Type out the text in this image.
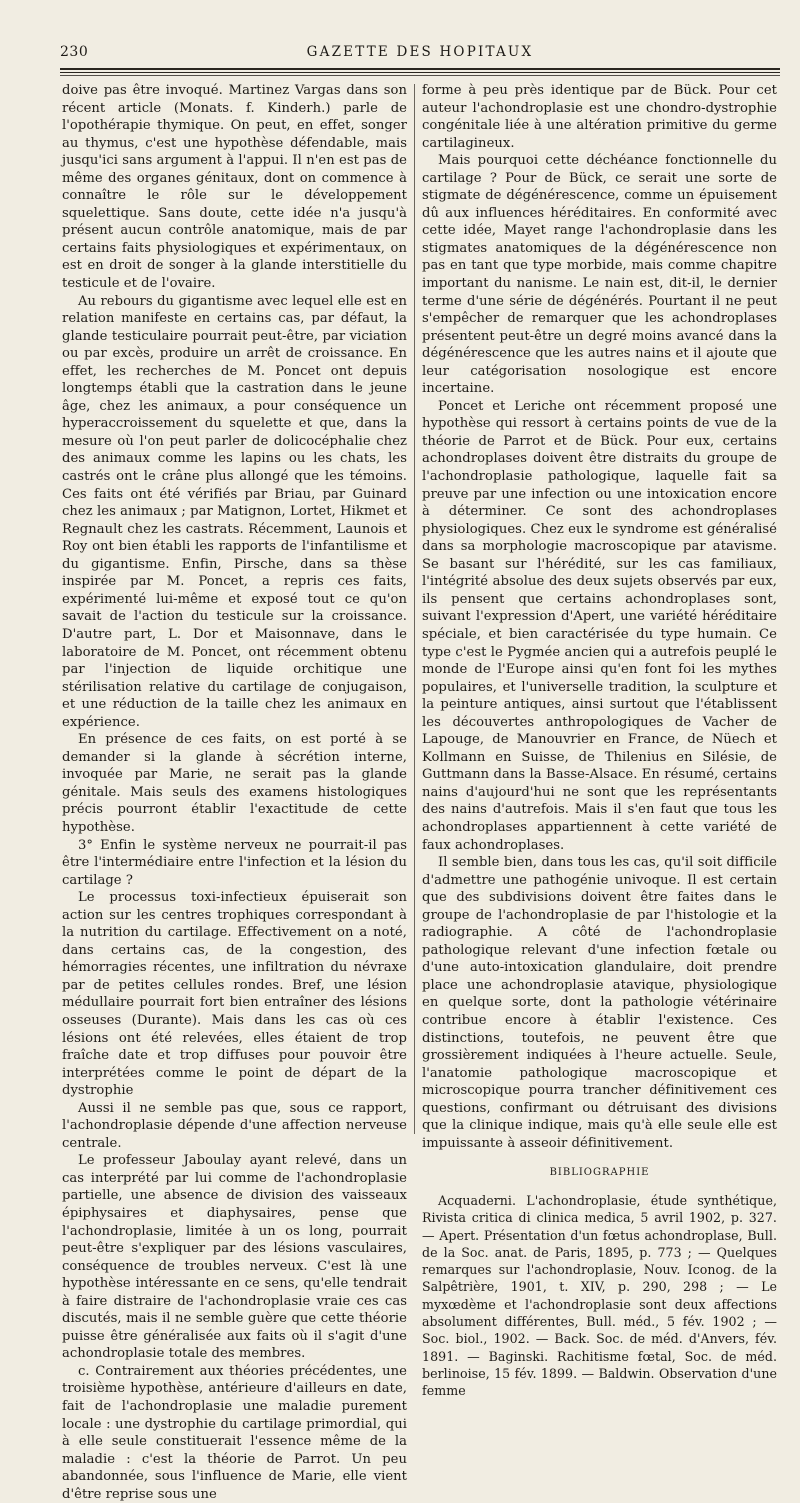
230	GAZETTE DES HOPITAUX

doive pas être invoqué. Martinez Vargas dans son récent article (Monats. f. Kinderh.) parle de l'opothérapie thymique. On peut, en effet, songer au thymus, c'est une hypothèse défendable, mais jusqu'ici sans argument à l'appui. Il n'en est pas de même des organes génitaux, dont on commence à connaître le rôle sur le développement squelettique. Sans doute, cette idée n'a jusqu'à présent aucun contrôle anatomique, mais de par certains faits physiologiques et expérimentaux, on est en droit de songer à la glande interstitielle du testicule et de l'ovaire.

Au rebours du gigantisme avec lequel elle est en relation manifeste en certains cas, par défaut, la glande testiculaire pourrait peut-être, par viciation ou par excès, produire un arrêt de croissance. En effet, les recherches de M. Poncet ont depuis longtemps établi que la castration dans le jeune âge, chez les animaux, a pour conséquence un hyperaccroissement du squelette et que, dans la mesure où l'on peut parler de dolicocéphalie chez des animaux comme les lapins ou les chats, les castrés ont le crâne plus allongé que les témoins. Ces faits ont été vérifiés par Briau, par Guinard chez les animaux ; par Matignon, Lortet, Hikmet et Regnault chez les castrats. Récemment, Launois et Roy ont bien établi les rapports de l'infantilisme et du gigantisme. Enfin, Pirsche, dans sa thèse inspirée par M. Poncet, a repris ces faits, expérimenté lui-même et exposé tout ce qu'on savait de l'action du testicule sur la croissance. D'autre part, L. Dor et Maisonnave, dans le laboratoire de M. Poncet, ont récemment obtenu par l'injection de liquide orchitique une stérilisation relative du cartilage de conjugaison, et une réduction de la taille chez les animaux en expérience.

En présence de ces faits, on est porté à se demander si la glande à sécrétion interne, invoquée par Marie, ne serait pas la glande génitale. Mais seuls des examens histologiques précis pourront établir l'exactitude de cette hypothèse.

3° Enfin le système nerveux ne pourrait-il pas être l'intermédiaire entre l'infection et la lésion du cartilage ?

Le processus toxi-infectieux épuiserait son action sur les centres trophiques correspondant à la nutrition du cartilage. Effectivement on a noté, dans certains cas, de la congestion, des hémorragies récentes, une infiltration du névraxe par de petites cellules rondes. Bref, une lésion médullaire pourrait fort bien entraîner des lésions osseuses (Durante). Mais dans les cas où ces lésions ont été relevées, elles étaient de trop fraîche date et trop diffuses pour pouvoir être interprétées comme le point de départ de la dystrophie

Aussi il ne semble pas que, sous ce rapport, l'achondroplasie dépende d'une affection nerveuse centrale.

Le professeur Jaboulay ayant relevé, dans un cas interprété par lui comme de l'achondroplasie partielle, une absence de division des vaisseaux épiphysaires et diaphysaires, pense que l'achondroplasie, limitée à un os long, pourrait peut-être s'expliquer par des lésions vasculaires, conséquence de troubles nerveux. C'est là une hypothèse intéressante en ce sens, qu'elle tendrait à faire distraire de l'achondroplasie vraie ces cas discutés, mais il ne semble guère que cette théorie puisse être généralisée aux faits où il s'agit d'une achondroplasie totale des membres.

c. Contrairement aux théories précédentes, une troisième hypothèse, antérieure d'ailleurs en date, fait de l'achondroplasie une maladie purement locale : une dystrophie du cartilage primordial, qui à elle seule constituerait l'essence même de la maladie : c'est la théorie de Parrot. Un peu abandonnée, sous l'influence de Marie, elle vient d'être reprise sous une

forme à peu près identique par de Bück. Pour cet auteur l'achondroplasie est une chondro-dystrophie congénitale liée à une altération primitive du germe cartilagineux.

Mais pourquoi cette déchéance fonctionnelle du cartilage ? Pour de Bück, ce serait une sorte de stigmate de dégénérescence, comme un épuisement dû aux influences héréditaires. En conformité avec cette idée, Mayet range l'achondroplasie dans les stigmates anatomiques de la dégénérescence non pas en tant que type morbide, mais comme chapitre important du nanisme. Le nain est, dit-il, le dernier terme d'une série de dégénérés. Pourtant il ne peut s'empêcher de remarquer que les achondroplases présentent peut-être un degré moins avancé dans la dégénérescence que les autres nains et il ajoute que leur catégorisation nosologique est encore incertaine.

Poncet et Leriche ont récemment proposé une hypothèse qui ressort à certains points de vue de la théorie de Parrot et de Bück. Pour eux, certains achondroplases doivent être distraits du groupe de l'achondroplasie pathologique, laquelle fait sa preuve par une infection ou une intoxication encore à déterminer. Ce sont des achondroplases physiologiques. Chez eux le syndrome est généralisé dans sa morphologie macroscopique par atavisme. Se basant sur l'hérédité, sur les cas familiaux, l'intégrité absolue des deux sujets observés par eux, ils pensent que certains achondroplases sont, suivant l'expression d'Apert, une variété héréditaire spéciale, et bien caractérisée du type humain. Ce type c'est le Pygmée ancien qui a autrefois peuplé le monde de l'Europe ainsi qu'en font foi les mythes populaires, et l'universelle tradition, la sculpture et la peinture antiques, ainsi surtout que l'établissent les découvertes anthropologiques de Vacher de Lapouge, de Manouvrier en France, de Nüech et Kollmann en Suisse, de Thilenius en Silésie, de Guttmann dans la Basse-Alsace. En résumé, certains nains d'aujourd'hui ne sont que les représentants des nains d'autrefois. Mais il s'en faut que tous les achondroplases appartiennent à cette variété de faux achondroplases.

Il semble bien, dans tous les cas, qu'il soit difficile d'admettre une pathogénie univoque. Il est certain que des subdivisions doivent être faites dans le groupe de l'achondroplasie de par l'histologie et la radiographie. A côté de l'achondroplasie pathologique relevant d'une infection fœtale ou d'une auto-intoxication glandulaire, doit prendre place une achondroplasie atavique, physiologique en quelque sorte, dont la pathologie vétérinaire contribue encore à établir l'existence. Ces distinctions, toutefois, ne peuvent être que grossièrement indiquées à l'heure actuelle. Seule, l'anatomie pathologique macroscopique et microscopique pourra trancher définitivement ces questions, confirmant ou détruisant des divisions que la clinique indique, mais qu'à elle seule elle est impuissante à asseoir définitivement.

BIBLIOGRAPHIE

Acquaderni. L'achondroplasie, étude synthétique, Rivista critica di clinica medica, 5 avril 1902, p. 327. — Apert. Présentation d'un fœtus achondroplase, Bull. de la Soc. anat. de Paris, 1895, p. 773 ; — Quelques remarques sur l'achondroplasie, Nouv. Iconog. de la Salpêtrière, 1901, t. XIV, p. 290, 298 ; — Le myxœdème et l'achondroplasie sont deux affections absolument différentes, Bull. méd., 5 fév. 1902 ; — Soc. biol., 1902. — Back. Soc. de méd. d'Anvers, fév. 1891. — Baginski. Rachitisme fœtal, Soc. de méd. berlinoise, 15 fév. 1899. — Baldwin. Observation d'une femme
